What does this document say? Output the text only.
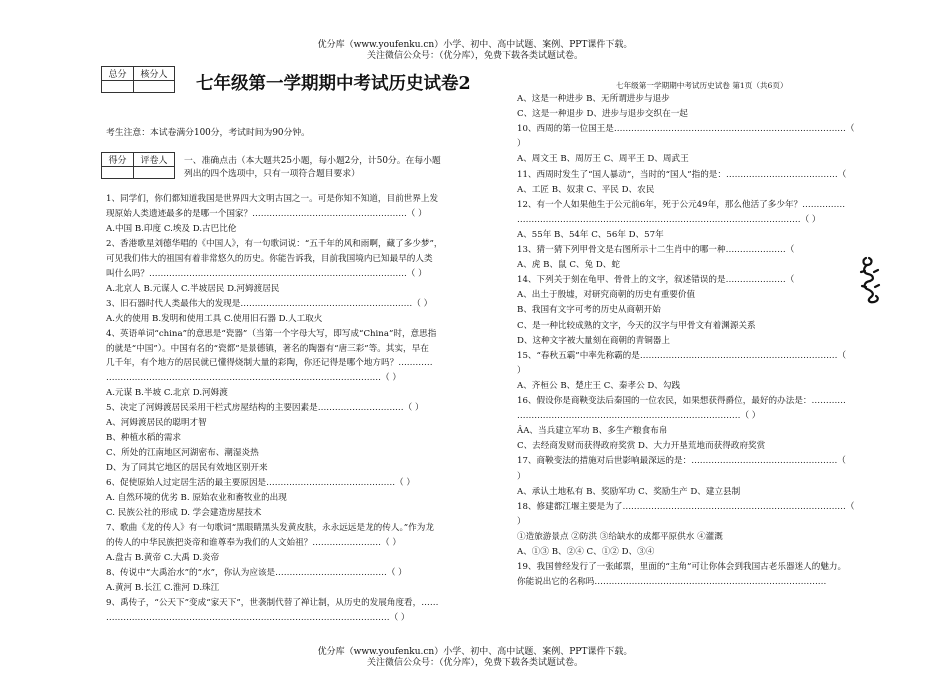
优分库（www.youfenku.cn）小学、初中、高中试题、案例、PPT课件下载。
关注微信公众号：（优分库），免费下载各类试题试卷。
优分库（www.youfenku.cn）小学、初中、高中试题、案例、PPT课件下载。
关注微信公众号：（优分库），免费下载各类试题试卷。
总分	核分人
	七年级第一学期期中考试历史试卷2	七年级第一学期期中考试历史试卷 第1页（共6页）
考生注意：本试卷满分100分，考试时间为90分钟。
得分	评卷人
	一、准确点击（本大题共25小题，每小题2分，计50分。在每小题
列出的四个选项中，只有一项符合题目要求）
1、同学们，你们都知道我国是世界四大文明古国之一。可是你知不知道，目前世界上发
现原始人类遗迹最多的是哪一个国家？………………………………………………（ ）
A.中国 B.印度 C.埃及 D.古巴比伦
2、香港歌星刘德华唱的《中国人》，有一句歌词说：“五千年的风和雨啊，藏了多少梦”，
可见我们伟大的祖国有着非常悠久的历史。你能告诉我，目前我国境内已知最早的人类
叫什么吗？………………………………………………………………………………（ ）
A.北京人 B.元谋人 C.半坡居民 D.河姆渡居民
3、旧石器时代人类最伟大的发现是……………………………………………………（ ）
A.火的使用 B.发明和使用工具 C.使用旧石器 D.人工取火
4、英语单词“china”的意思是“瓷器”（当第一个字母大写，即写成“China”时，意思指
的就是“中国”）。中国有名的“瓷都”是景德镇，著名的陶器有“唐三彩”等。其实，早在
几千年，有个地方的居民就已懂得烧制大量的彩陶，你还记得是哪个地方吗？…………
……………………………………………………………………………………（ ）
A.元谋 B.半坡 C.北京 D.河姆渡
5、决定了河姆渡居民采用干栏式房屋结构的主要因素是…………………………（ ）
A、河姆渡居民的聪明才智
B、种植水稻的需求
C、所处的江南地区河湖密布、潮湿炎热
D、为了同其它地区的居民有效地区别开来
6、促使原始人过定居生活的最主要原因是………………………………………（ ）
A. 自然环境的优劣 B. 原始农业和畜牧业的出现
C. 民族公社的形成 D. 学会建造房屋技术
7、歌曲《龙的传人》有一句歌词“黑眼睛黑头发黄皮肤，永永远远是龙的传人。”作为龙
的传人的中华民族把炎帝和谁尊奉为我们的人文始祖？……………………（ ）
A.盘古 B.黄帝 C.大禹 D.炎帝
8、传说中“大禹治水”的“水”，你认为应该是…………………………………（ ）
A.黄河 B.长江 C.淮河 D.珠江
9、禹传子，“公天下”变成“家天下”，世袭制代替了禅让制，从历史的发展角度看，……
………………………………………………………………………………………（ ）
A、这是一种进步 B、无所谓进步与退步
C、这是一种退步 D、进步与退步交织在一起
10、西周的第一位国王是………………………………………………………………………（
）
A、周文王 B、周厉王 C、周平王 D、周武王
11、西周时发生了“国人暴动”，当时的“国人”指的是：…………………………………（
A、工匠 B、奴隶 C、平民 D、农民
12、有一个人如果他生于公元前6年，死于公元49年，那么他活了多少年？……………
………………………………………………………………………………………（ ）
A、55年 B、54年 C、56年 D、57年
13、猜一猜下列甲骨文是右图所示十二生肖中的哪一种…………………（
A、虎 B、鼠 C、兔 D、蛇
14、下列关于刻在龟甲、骨骨上的文字，叙述错误的是…………………（
A、出土于殷墟，对研究商朝的历史有重要价值
B、我国有文字可考的历史从商朝开始
C、是一种比较成熟的文字，今天的汉字与甲骨文有着渊源关系
D、这种文字被大量刻在商朝的青铜器上
15、“春秋五霸”中率先称霸的是……………………………………………………………（
）
A、齐桓公 B、楚庄王 C、秦孝公 D、勾践
16、假设你是商鞅变法后秦国的一位农民，如果想获得爵位，最好的办法是：…………
……………………………………………………………………（ ）
ÂA、当兵建立军功 B、多生产粮食布帛
C、去经商发财而获得政府奖赏 D、大力开垦荒地而获得政府奖赏
17、商鞅变法的措施对后世影响最深远的是：……………………………………………（
）
A、承认土地私有 B、奖励军功 C、奖励生产 D、建立县制
18、修建都江堰主要是为了……………………………………………………………………（
）
①造旅游景点 ②防洪 ③给缺水的成都平原供水 ④灌溉
A、①③ B、②④ C、①② D、③④
19、我国曾经发行了一张邮票，里面的“主角”可让你体会到我国古老乐器迷人的魅力。
你能说出它的名称吗………………………………………………………………………
